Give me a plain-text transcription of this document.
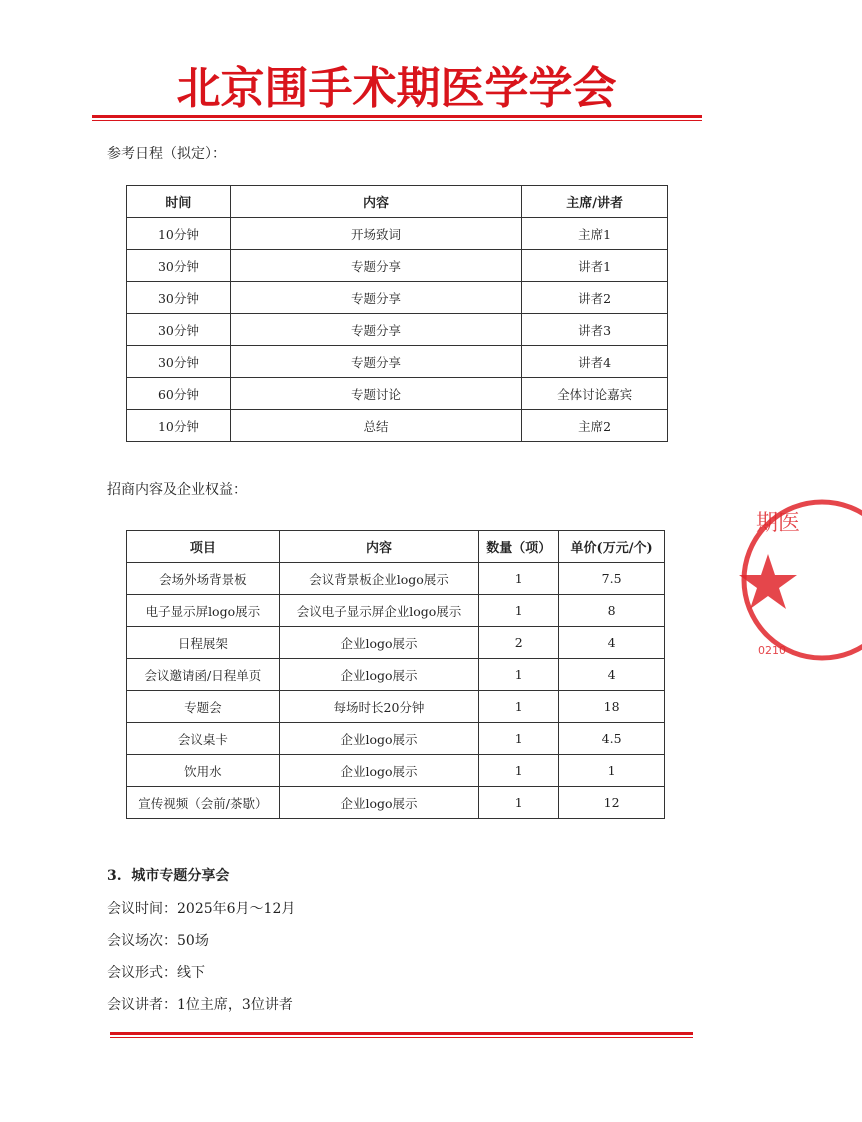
北京围手术期医学学会
参考日程（拟定）：
时间	内容	主席/讲者
10分钟	开场致词	主席1
30分钟	专题分享	讲者1
30分钟	专题分享	讲者2
30分钟	专题分享	讲者3
30分钟	专题分享	讲者4
60分钟	专题讨论	全体讨论嘉宾
10分钟	总结	主席2
招商内容及企业权益：
项目	内容	数量（项）	单价(万元/个)
会场外场背景板	会议背景板企业logo展示	1	7.5
电子显示屏logo展示	会议电子显示屏企业logo展示	1	8
日程展架	企业logo展示	2	4
会议邀请函/日程单页	企业logo展示	1	4
专题会	每场时长20分钟	1	18
会议桌卡	企业logo展示	1	4.5
饮用水	企业logo展示	1	1
宣传视频（会前/茶歇）	企业logo展示	1	12
3.  城市专题分享会
会议时间：2025年6月～12月
会议场次：50场
会议形式：线下
会议讲者：1位主席，3位讲者
期医
0210
